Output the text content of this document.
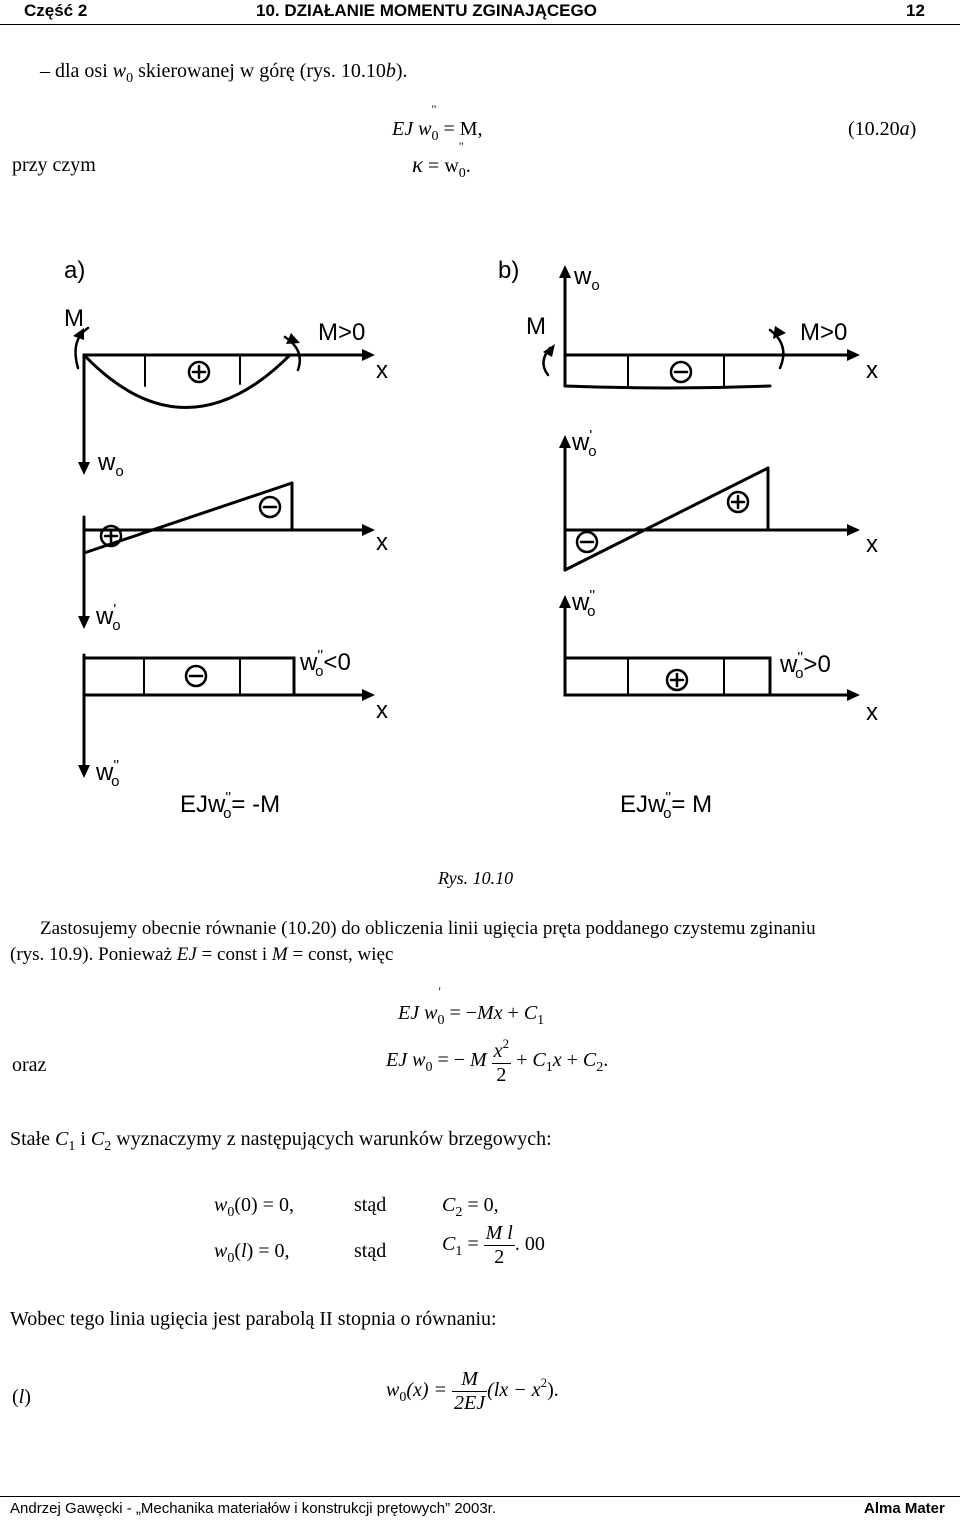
Część 2	10. DZIAŁANIE MOMENTU ZGINAJĄCEGO	12
– dla osi $w_0$ skierowanej w górę (rys. 10.10b).
EJ $w_0$
"
= M,	(10.20a)
przy czym	$\kappa = w_0$
"
.
a)
M
M>0
x
$w_o$
x
w' o
w'' o<0
x
w'' o
EJw'' o= -M
b) $w_o$
M	M>0
x
w' o
x
w'' o
w'' o>0
x
EJw'' o= M
Rys. 10.10
Zastosujemy obecnie równanie (10.20) do obliczenia linii ugięcia pręta poddanego czystemu zginaniu
(rys. 10.9). Ponieważ EJ = const i M = const, więc
EJ $w_0$
'
= $-Mx + C_1$
oraz	EJ $w_0$ = − M $\frac{x^2}{2} + C_1x + C_2$.
Stałe $C_1$ i $C_2$ wyznaczymy z następujących warunków brzegowych:
$w_0(0) = 0$,	stąd	$C_2 = 0$,
$w_0(l) = 0$,	stąd	$C_1 = \frac{\text{M l}}{2}$ . 00
Wobec tego linia ugięcia jest parabolą II stopnia o równaniu:
(l)	$w_0(x) = \frac{M}{2EJ} (lx - x^2)$.
Andrzej Gawęcki - „Mechanika materiałów i konstrukcji prętowych” 2003r.	Alma Mater
